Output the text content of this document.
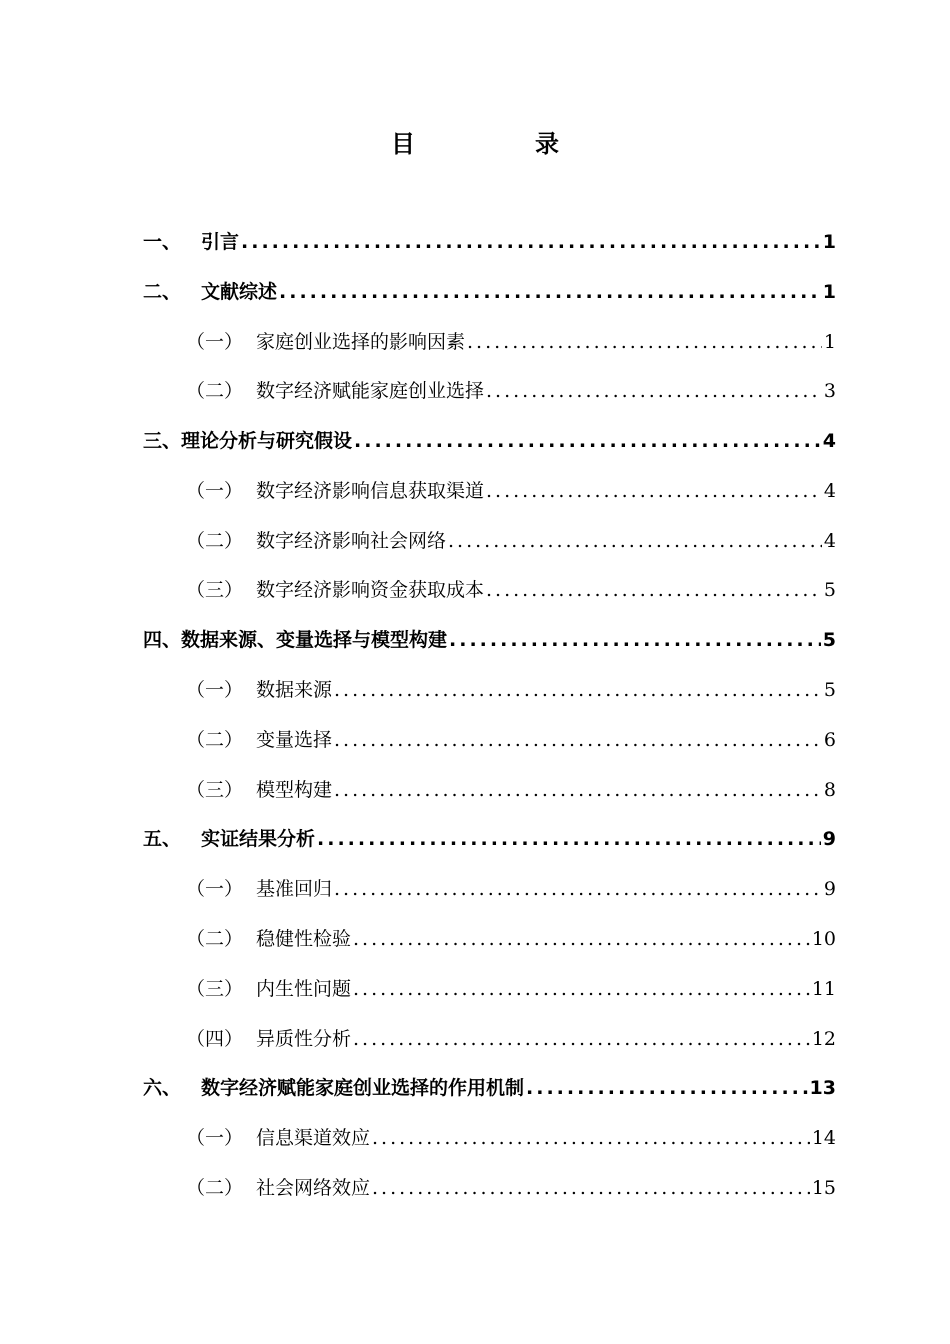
目　录
一、	引言 .....	1
二、	文献综述 .....	1
（一） 家庭创业选择的影响因素 .....	1
（二） 数字经济赋能家庭创业选择 .....	3
三、 理论分析与研究假设 .....	4
（一） 数字经济影响信息获取渠道 .....	4
（二） 数字经济影响社会网络 .....	4
（三） 数字经济影响资金获取成本 .....	5
四、 数据来源、变量选择与模型构建 .....	5
（一） 数据来源 .....	5
（二） 变量选择 .....	6
（三） 模型构建 .....	8
五、	实证结果分析 .....	9
（一） 基准回归 .....	9
（二） 稳健性检验 .....	10
（三） 内生性问题 .....	11
（四） 异质性分析 .....	12
六、	数字经济赋能家庭创业选择的作用机制 .....	13
（一） 信息渠道效应 .....	14
（二） 社会网络效应 .....	15
